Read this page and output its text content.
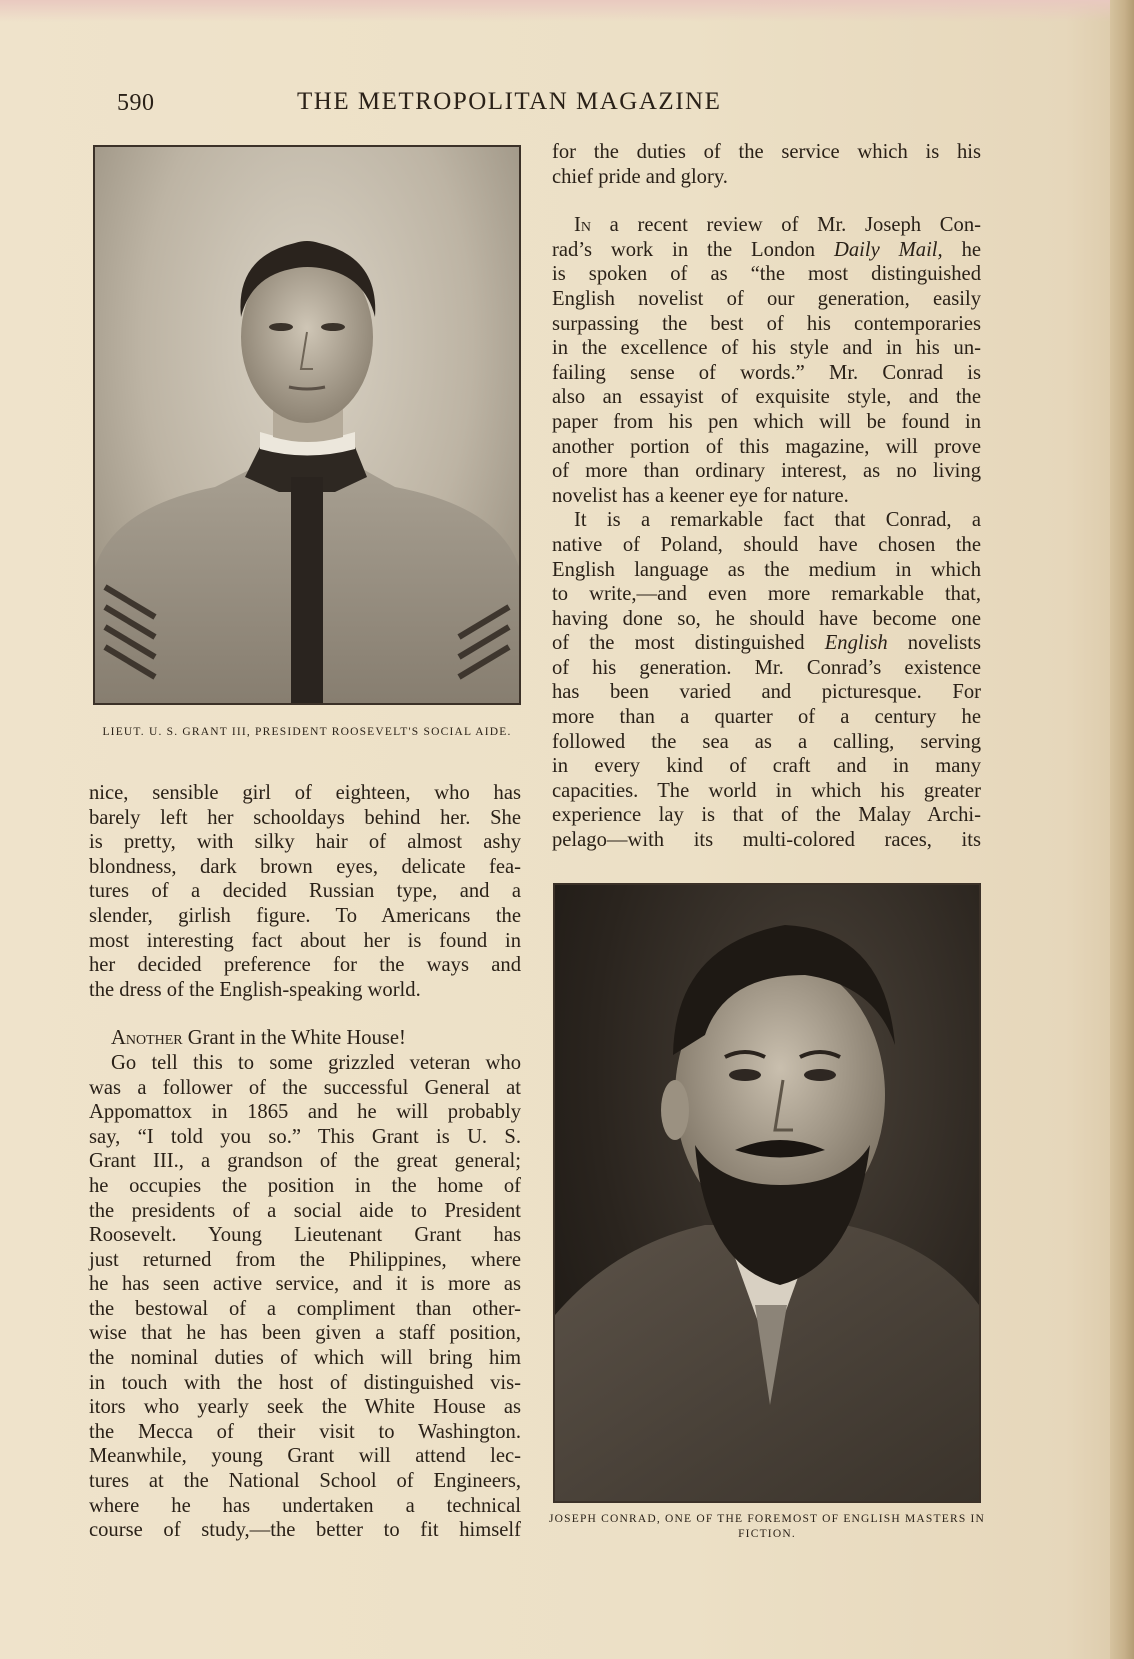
590	THE METROPOLITAN MAGAZINE
LIEUT. U. S. GRANT III, PRESIDENT ROOSEVELT'S SOCIAL AIDE.
JOSEPH CONRAD, ONE OF THE FOREMOST OF ENGLISH MASTERS IN FICTION.

nice, sensible girl of eighteen, who has
barely left her schooldays behind her. She
is pretty, with silky hair of almost ashy
blondness, dark brown eyes, delicate fea-
tures of a decided Russian type, and a
slender, girlish figure. To Americans the
most interesting fact about her is found in
her decided preference for the ways and
the dress of the English-speaking world.

Another Grant in the White House!

Go tell this to some grizzled veteran who
was a follower of the successful General at
Appomattox in 1865 and he will probably
say, “I told you so.” This Grant is U. S.
Grant III., a grandson of the great general;
he occupies the position in the home of
the presidents of a social aide to President
Roosevelt. Young Lieutenant Grant has
just returned from the Philippines, where
he has seen active service, and it is more as
the bestowal of a compliment than other-
wise that he has been given a staff position,
the nominal duties of which will bring him
in touch with the host of distinguished vis-
itors who yearly seek the White House as
the Mecca of their visit to Washington.
Meanwhile, young Grant will attend lec-
tures at the National School of Engineers,
where he has undertaken a technical
course of study,—the better to fit himself

for the duties of the service which is his
chief pride and glory.

In a recent review of Mr. Joseph Con-
rad’s work in the London Daily Mail, he
is spoken of as “the most distinguished
English novelist of our generation, easily
surpassing the best of his contemporaries
in the excellence of his style and in his un-
failing sense of words.” Mr. Conrad is
also an essayist of exquisite style, and the
paper from his pen which will be found in
another portion of this magazine, will prove
of more than ordinary interest, as no living
novelist has a keener eye for nature.

It is a remarkable fact that Conrad, a
native of Poland, should have chosen the
English language as the medium in which
to write,—and even more remarkable that,
having done so, he should have become one
of the most distinguished English novelists
of his generation. Mr. Conrad’s existence
has been varied and picturesque. For
more than a quarter of a century he
followed the sea as a calling, serving
in every kind of craft and in many
capacities. The world in which his greater
experience lay is that of the Malay Archi-
pelago—with its multi-colored races, its
